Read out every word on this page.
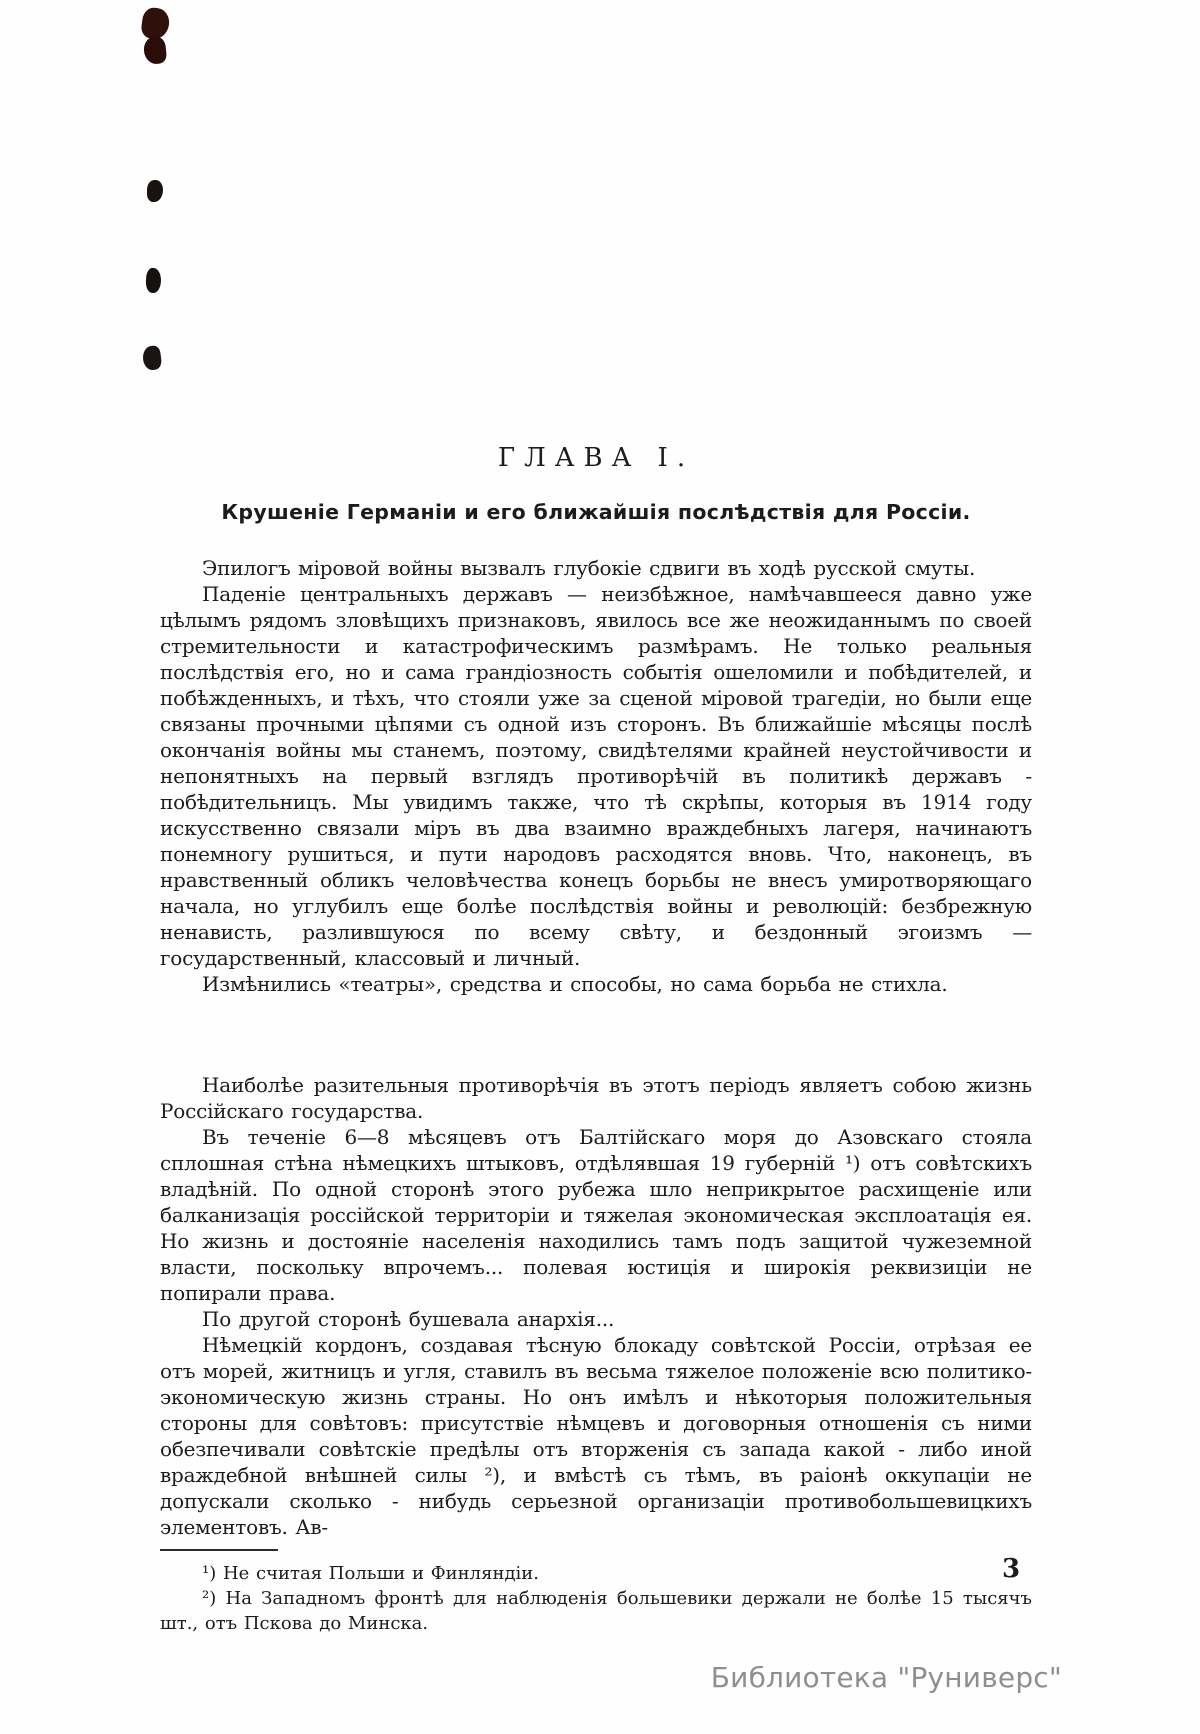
ГЛАВА I.
Крушеніе Германіи и его ближайшія послѣдствія для Россіи.

Эпилогъ міровой войны вызвалъ глубокіе сдвиги въ ходѣ русской смуты.

Паденіе центральныхъ державъ — неизбѣжное, намѣчавшееся давно уже цѣлымъ рядомъ зловѣщихъ признаковъ, явилось все же неожиданнымъ по своей стремительности и катастрофическимъ размѣрамъ. Не только реальныя послѣдствія его, но и сама грандіозность событія ошеломили и побѣдителей, и побѣжденныхъ, и тѣхъ, что стояли уже за сценой міровой трагедіи, но были еще связаны прочными цѣпями съ одной изъ сторонъ. Въ ближайшіе мѣсяцы послѣ окончанія войны мы станемъ, поэтому, свидѣтелями крайней неустойчивости и непонятныхъ на первый взглядъ противорѣчій въ политикѣ державъ - побѣдительницъ. Мы увидимъ также, что тѣ скрѣпы, которыя въ 1914 году искусственно связали міръ въ два взаимно враждебныхъ лагеря, начинаютъ понемногу рушиться, и пути народовъ расходятся вновь. Что, наконецъ, въ нравственный обликъ человѣчества конецъ борьбы не внесъ умиротворяющаго начала, но углубилъ еще болѣе послѣдствія войны и революцій: безбрежную ненависть, разлившуюся по всему свѣту, и бездонный эгоизмъ — государственный, классовый и личный.

Измѣнились «театры», средства и способы, но сама борьба не стихла.

Наиболѣе разительныя противорѣчія въ этотъ періодъ являетъ собою жизнь Россійскаго государства.

Въ теченіе 6—8 мѣсяцевъ отъ Балтійскаго моря до Азовскаго стояла сплошная стѣна нѣмецкихъ штыковъ, отдѣлявшая 19 губерній ¹) отъ совѣтскихъ владѣній. По одной сторонѣ этого рубежа шло неприкрытое расхищеніе или балканизація россійской территоріи и тяжелая экономическая эксплоатація ея. Но жизнь и достояніе населенія находились тамъ подъ защитой чужеземной власти, поскольку впрочемъ... полевая юстиція и широкія реквизиціи не попирали права.

По другой сторонѣ бушевала анархія...

Нѣмецкій кордонъ, создавая тѣсную блокаду совѣтской Россіи, отрѣзая ее отъ морей, житницъ и угля, ставилъ въ весьма тяжелое положеніе всю политико-экономическую жизнь страны. Но онъ имѣлъ и нѣкоторыя положительныя стороны для совѣтовъ: присутствіе нѣмцевъ и договорныя отношенія съ ними обезпечивали совѣтскіе предѣлы отъ вторженія съ запада какой - либо иной враждебной внѣшней силы ²), и вмѣстѣ съ тѣмъ, въ раіонѣ оккупаціи не допускали сколько - нибудь серьезной организаціи противобольшевицкихъ элементовъ. Ав-

¹) Не считая Польши и Финляндіи.

²) На Западномъ фронтѣ для наблюденія большевики держали не болѣе 15 тысячъ шт., отъ Пскова до Минска.

3
Библиотека "Руниверс"
